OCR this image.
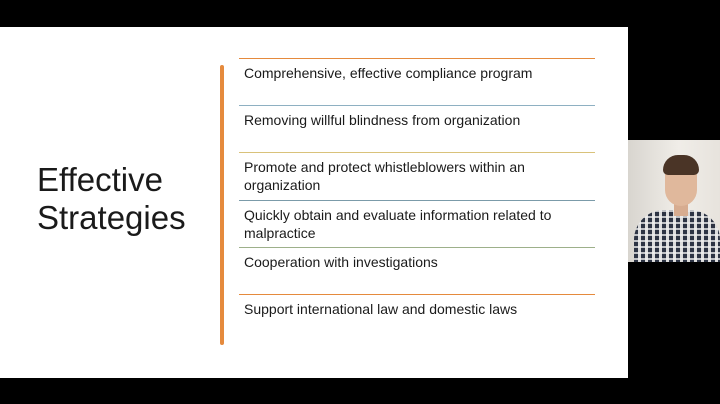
Effective
Strategies
Comprehensive, effective compliance program
Removing willful blindness from organization
Promote and protect whistleblowers within an organization
Quickly obtain and evaluate information related to malpractice
Cooperation with investigations
Support international law and domestic laws
